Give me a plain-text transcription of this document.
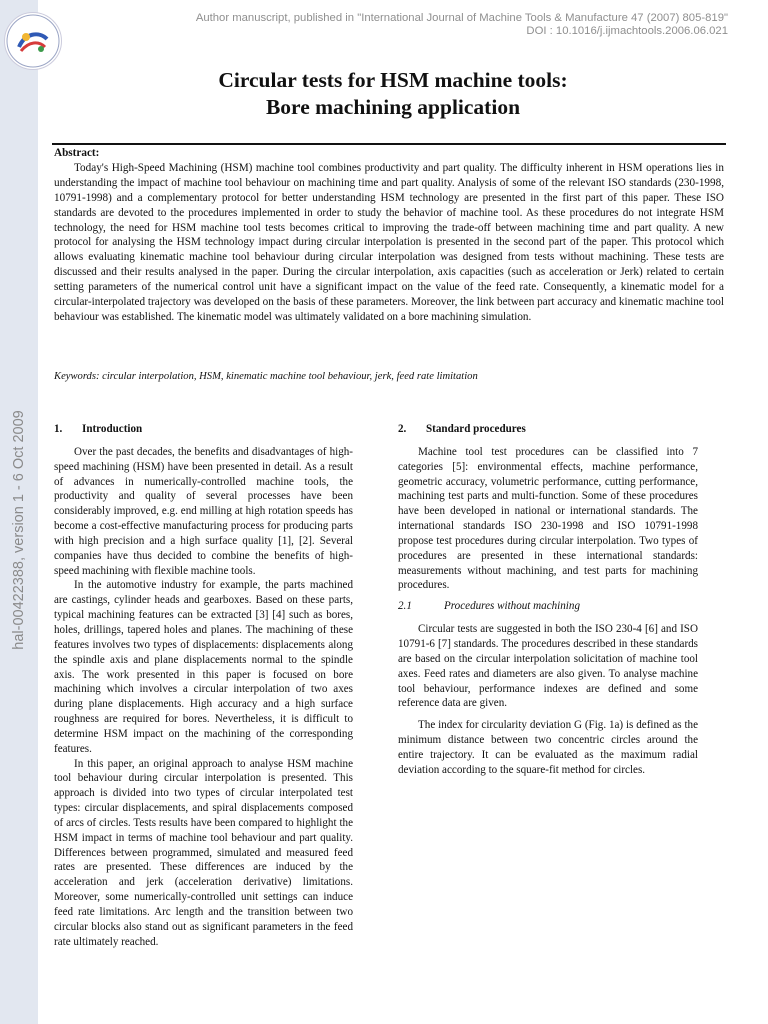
hal-00422388, version 1 - 6 Oct 2009
Author manuscript, published in "International Journal of Machine Tools & Manufacture 47 (2007) 805-819"
DOI : 10.1016/j.ijmachtools.2006.06.021
Circular tests for HSM machine tools:
Bore machining application

Abstract:

Today's High-Speed Machining (HSM) machine tool combines productivity and part quality. The difficulty inherent in HSM operations lies in understanding the impact of machine tool behaviour on machining time and part quality. Analysis of some of the relevant ISO standards (230-1998, 10791-1998) and a complementary protocol for better understanding HSM technology are presented in the first part of this paper. These ISO standards are devoted to the procedures implemented in order to study the behavior of machine tool. As these procedures do not integrate HSM technology, the need for HSM machine tool tests becomes critical to improving the trade-off between machining time and part quality. A new protocol for analysing the HSM technology impact during circular interpolation is presented in the second part of the paper. This protocol which allows evaluating kinematic machine tool behaviour during circular interpolation was designed from tests without machining. These tests are discussed and their results analysed in the paper. During the circular interpolation, axis capacities (such as acceleration or Jerk) related to certain setting parameters of the numerical control unit have a significant impact on the value of the feed rate. Consequently, a kinematic model for a circular-interpolated trajectory was developed on the basis of these parameters. Moreover, the link between part accuracy and kinematic machine tool behaviour was established. The kinematic model was ultimately validated on a bore machining simulation.

Keywords: circular interpolation, HSM, kinematic machine tool behaviour, jerk, feed rate limitation

1. Introduction

Over the past decades, the benefits and disadvantages of high-speed machining (HSM) have been presented in detail. As a result of advances in numerically-controlled machine tools, the productivity and quality of several processes have been considerably improved, e.g. end milling at high rotation speeds has become a cost-effective manufacturing process for producing parts with high precision and a high surface quality [1], [2]. Several companies have thus decided to combine the benefits of high-speed machining with flexible machine tools.

In the automotive industry for example, the parts machined are castings, cylinder heads and gearboxes. Based on these parts, typical machining features can be extracted [3] [4] such as bores, holes, drillings, tapered holes and planes. The machining of these features involves two types of displacements: displacements along the spindle axis and plane displacements normal to the spindle axis. The work presented in this paper is focused on bore machining which involves a circular interpolation of two axes during plane displacements. High accuracy and a high surface roughness are required for bores. Nevertheless, it is difficult to determine HSM impact on the machining of the corresponding features.

In this paper, an original approach to analyse HSM machine tool behaviour during circular interpolation is presented. This approach is divided into two types of circular interpolated test types: circular displacements, and spiral displacements composed of arcs of circles. Tests results have been compared to highlight the HSM impact in terms of machine tool behaviour and part quality. Differences between programmed, simulated and measured feed rates are presented. These differences are induced by the acceleration and jerk (acceleration derivative) limitations. Moreover, some numerically-controlled unit settings can induce feed rate limitations. Arc length and the transition between two circular blocks also stand out as significant parameters in the feed rate ultimately reached.

2. Standard procedures

Machine tool test procedures can be classified into 7 categories [5]: environmental effects, machine performance, geometric accuracy, volumetric performance, cutting performance, machining test parts and multi-function. Some of these procedures have been developed in national or international standards. The international standards ISO 230-1998 and ISO 10791-1998 propose test procedures during circular interpolation. Two types of procedures are presented in these international standards: measurements without machining, and test parts for machining procedures.

2.1	Procedures without machining

Circular tests are suggested in both the ISO 230-4 [6] and ISO 10791-6 [7] standards. The procedures described in these standards are based on the circular interpolation solicitation of machine tool axes. Feed rates and diameters are also given. To analyse machine tool behaviour, performance indexes are defined and some reference data are given.

The index for circularity deviation G (Fig. 1a) is defined as the minimum distance between two concentric circles around the entire trajectory. It can be evaluated as the maximum radial deviation according to the square-fit method for circles.
